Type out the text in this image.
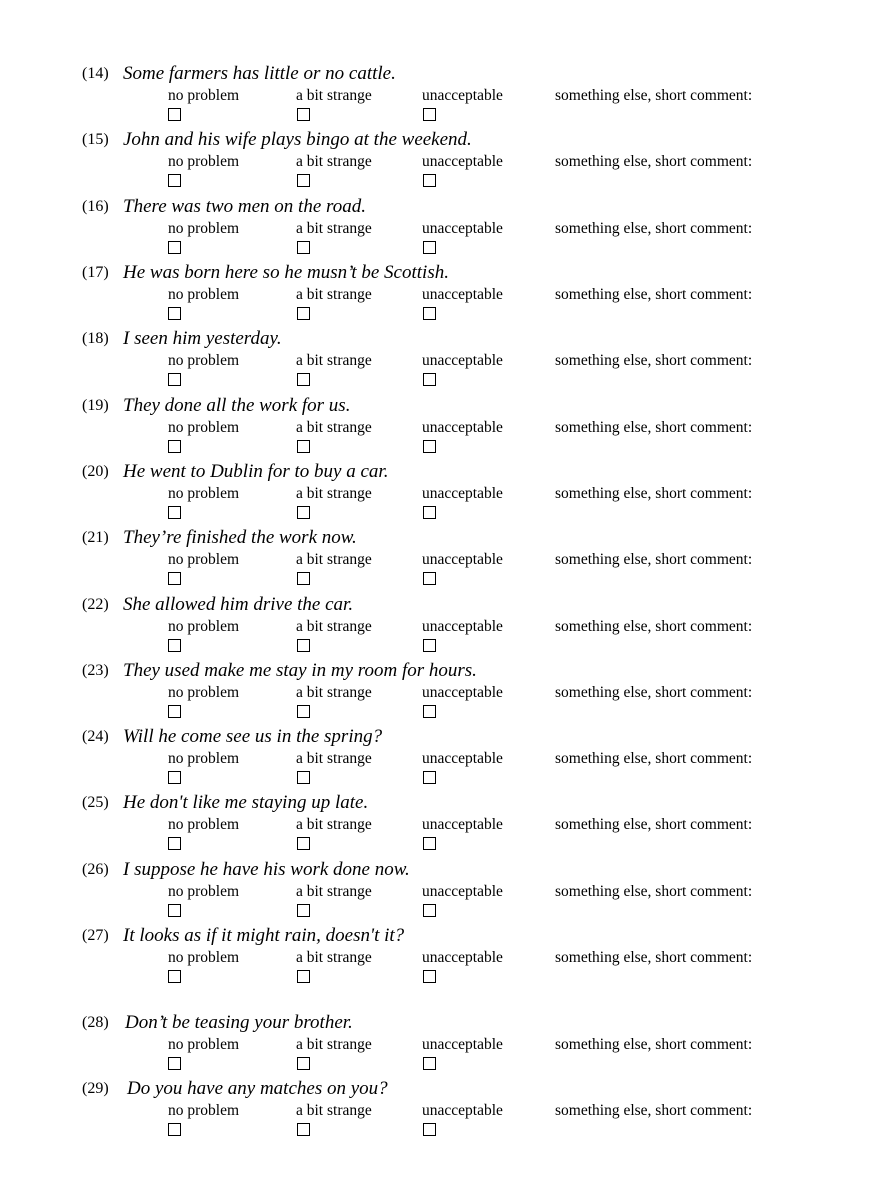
(14) Some farmers has little or no cattle.
no problem	a bit strange	unacceptable	something else, short comment:
(15) John and his wife plays bingo at the weekend.
no problem	a bit strange	unacceptable	something else, short comment:
(16) There was two men on the road.
no problem	a bit strange	unacceptable	something else, short comment:
(17) He was born here so he musn’t be Scottish.
no problem	a bit strange	unacceptable	something else, short comment:
(18) I seen him yesterday.
no problem	a bit strange	unacceptable	something else, short comment:
(19) They done all the work for us.
no problem	a bit strange	unacceptable	something else, short comment:
(20) He went to Dublin for to buy a car.
no problem	a bit strange	unacceptable	something else, short comment:
(21) They’re finished the work now.
no problem	a bit strange	unacceptable	something else, short comment:
(22) She allowed him drive the car.
no problem	a bit strange	unacceptable	something else, short comment:
(23) They used make me stay in my room for hours.
no problem	a bit strange	unacceptable	something else, short comment:
(24) Will he come see us in the spring?
no problem	a bit strange	unacceptable	something else, short comment:
(25) He don't like me staying up late.
no problem	a bit strange	unacceptable	something else, short comment:
(26) I suppose he have his work done now.
no problem	a bit strange	unacceptable	something else, short comment:
(27) It looks as if it might rain, doesn't it?
no problem	a bit strange	unacceptable	something else, short comment:
(28) Don’t be teasing your brother.
no problem	a bit strange	unacceptable	something else, short comment:
(29) Do you have any matches on you?
no problem	a bit strange	unacceptable	something else, short comment:
